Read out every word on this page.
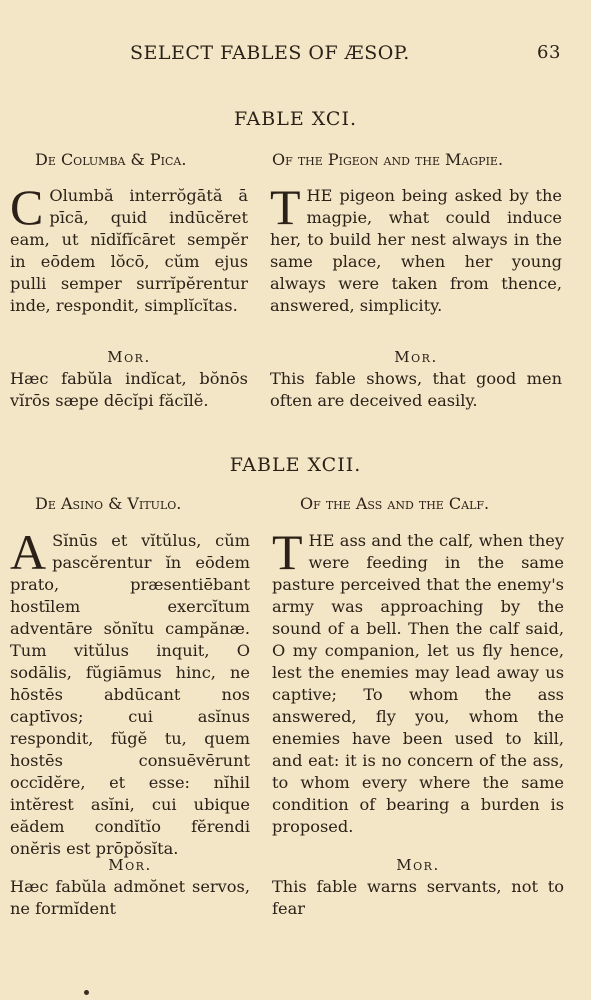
SELECT FABLES OF ÆSOP.	63
FABLE XCI.
De Columba & Pica.	Of the Pigeon and the Magpie.
C Olumbă interrŏgātă ā pīcā, quid indūcĕret eam, ut nīdĭfĭcāret sempĕr in eōdem lŏcō, cŭm ejus pulli semper surrĭpĕrentur inde, respondit, simplĭcĭtas.
THE pigeon being asked by the magpie, what could induce her, to build her nest always in the same place, when her young always were taken from thence, answered, simplicity.
Mor.	Mor.
Hæc fabŭla indĭcat, bŏnōs vĭrōs sæpe dēcĭpi făcĭlĕ.
This fable shows, that good men often are deceived easily.
FABLE XCII.
De Asino & Vitulo.	Of the Ass and the Calf.
A Sĭnūs et vĭtŭlus, cŭm pascĕrentur ĭn eōdem prato, præsentiēbant hostīlem exercĭtum adventāre sŏnĭtu campănæ. Tum vitŭlus inquit, O sodālis, fŭgiāmus hinc, ne hōstēs abdūcant nos captīvos; cui asĭnus respondit, fŭgĕ tu, quem hostēs consuēvērunt occīdĕre, et esse: nĭhil intĕrest asĭni, cui ubique eădem condĭtĭo fĕrendi onĕris est prōpŏsĭta.
THE ass and the calf, when they were feeding in the same pasture perceived that the enemy's army was approaching by the sound of a bell. Then the calf said, O my companion, let us fly hence, lest the enemies may lead away us captive; To whom the ass answered, fly you, whom the enemies have been used to kill, and eat: it is no concern of the ass, to whom every where the same condition of bearing a burden is proposed.
Mor.	Mor.
Hæc fabŭla admŏnet servos, ne formĭdent
This fable warns servants, not to fear
